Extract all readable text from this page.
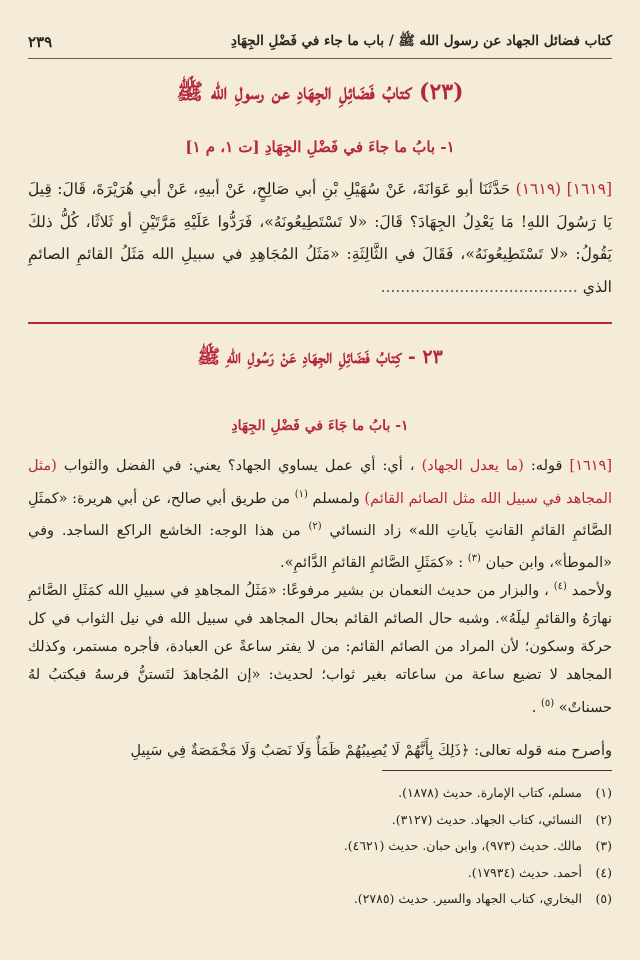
كتاب فضائل الجهاد عن رسول الله ﷺ / باب ما جاء في فَضْلِ الجِهَادِ
٢٣٩
(٢٣) كتابُ فَضَائِلِ الجِهَادِ عن رسولِ الله ﷺ
١- بابُ ما جاءَ في فَضْلِ الجِهَادِ [ت ١، م ١]
[١٦١٩] (١٦١٩) حَدَّثَنَا أبو عَوَانَةَ، عَنْ سُهَيْلِ بْنِ أبي صَالِحٍ، عَنْ أبيهِ، عَنْ أبي هُرَيْرَةَ، قَالَ: قِيلَ يَا رَسُولَ اللهِ! مَا يَعْدِلُ الجِهَادَ؟ قَالَ: «لا تَسْتَطِيعُونَهُ»، فَرَدُّوا عَلَيْهِ مَرَّتَيْنِ أو ثَلاثًا، كُلُّ ذلكَ يَقُولُ: «لا تَسْتَطِيعُونَهُ»، فَقَالَ في الثَّالِثَةِ: «مَثَلُ المُجَاهِدِ في سبيلِ الله مَثَلُ القائمِ الصائمِ الذي ........................................
٢٣ - كِتابُ فَضَائِلِ الجِهَادِ عَنْ رَسُولِ اللهِ ﷺ
١- بابُ ما جَاءَ في فَضْلِ الجِهَادِ
[١٦١٩] قوله: (ما يعدل الجهاد) ، أي: أي عمل يساوي الجهاد؟ يعني: في الفضل والثواب (مثل المجاهد في سبيل الله مثل الصائم القائم) ولمسلم $^{(١)}$ من طريق أبي صالح، عن أبي هريرة: «كمثَلِ الصَّائمِ القائمِ القانتِ بآياتِ الله» زاد النسائي $^{(٢)}$ من هذا الوجه: الخاشع الراكع الساجد. وفي «الموطأ»، وابن حبان $^{(٣)}$ : «كمَثَلِ الصَّائمِ القائمِ الدَّائمِ».
ولأحمد $^{(٤)}$ ، والبزار من حديث النعمان بن بشير مرفوعًا: «مَثَلُ المجاهدِ في سبيلِ الله كمَثَلِ الصَّائمِ نهارَهُ والقائمِ ليلَهُ». وشبه حال الصائم القائم بحال المجاهد في سبيل الله في نيل الثواب في كل حركة وسكون؛ لأن المراد من الصائم القائم: من لا يفتر ساعةً عن العبادة، فأجره مستمر، وكذلك المجاهد لا تضيع ساعة من ساعاته بغير ثواب؛ لحديث: «إن المُجاهدَ لتَستنُّ فرسهُ فيكتبُ لهُ حسناتٌ» $^{(٥)}$ .
وأصرح منه قوله تعالى: ﴿ذَلِكَ بِأَنَّهُمْ لَا يُصِيبُهُمْ ظَمَأٌ وَلَا نَصَبٌ وَلَا مَخْمَصَةٌ فِي سَبِيلِ
(١)
مسلم، كتاب الإمارة. حديث (١٨٧٨).
(٢)
النسائي، كتاب الجهاد. حديث (٣١٢٧).
(٣)
مالك. حديث (٩٧٣)، وابن حبان. حديث (٤٦٢١).
(٤)
أحمد. حديث (١٧٩٣٤).
(٥)
البخاري، كتاب الجهاد والسير. حديث (٢٧٨٥).
